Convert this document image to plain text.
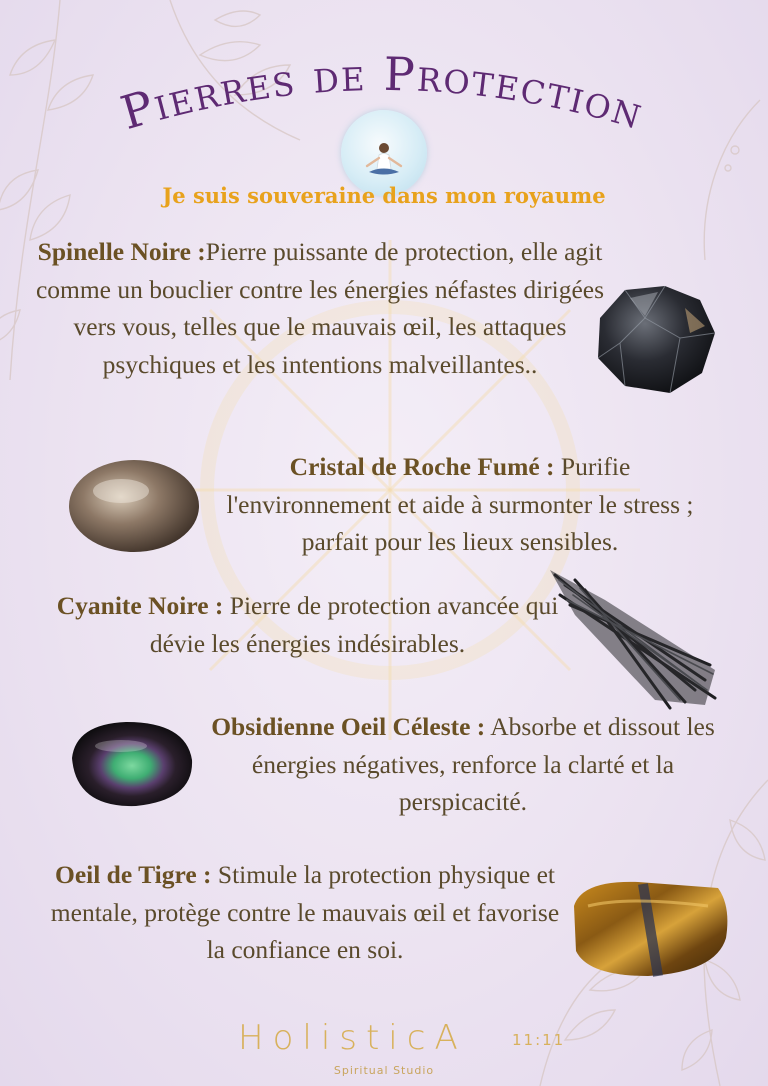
Pierres de Protection
Je suis souveraine dans mon royaume
Spinelle Noire :Pierre puissante de protection, elle agit comme un bouclier contre les énergies néfastes dirigées vers vous, telles que le mauvais œil, les attaques psychiques et les intentions malveillantes..
Cristal de Roche Fumé : Purifie l'environnement et aide à surmonter le stress ; parfait pour les lieux sensibles.
Cyanite Noire : Pierre de protection avancée qui dévie les énergies indésirables.
Obsidienne Oeil Céleste : Absorbe et dissout les énergies négatives, renforce la clarté et la perspicacité.
Oeil de Tigre : Stimule la protection physique et mentale, protège contre le mauvais œil et favorise la confiance en soi.
HolisticA	11:11
Spiritual Studio
